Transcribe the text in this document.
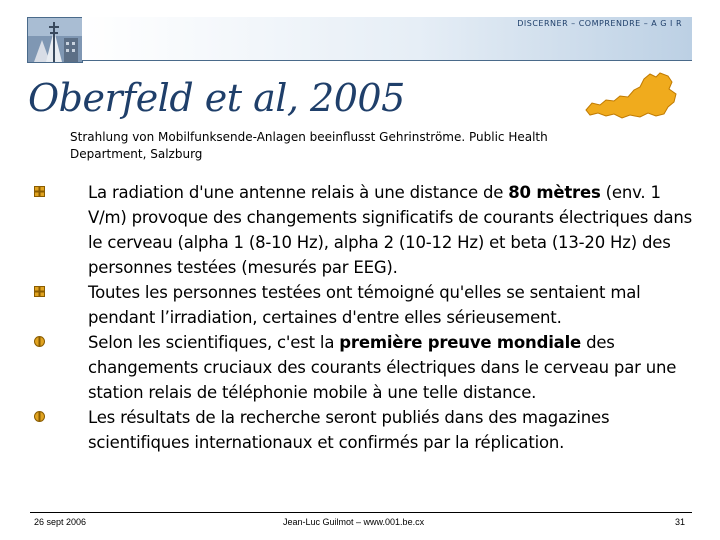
DISCERNER – COMPRENDRE – A G I R
Oberfeld et al, 2005
Strahlung von Mobilfunksende-Anlagen beeinflusst Gehrinströme. Public Health Department, Salzburg
La radiation d'une antenne relais à une distance de 80 mètres (env. 1 V/m) provoque des changements significatifs de courants électriques dans le cerveau (alpha 1 (8-10 Hz), alpha 2 (10-12 Hz) et beta (13-20 Hz) des personnes testées (mesurés par EEG).
Toutes les personnes testées ont témoigné qu'elles se sentaient mal pendant l’irradiation, certaines d'entre elles sérieusement.
Selon les scientifiques, c'est la première preuve mondiale des changements cruciaux des courants électriques dans le cerveau par une station relais de téléphonie mobile à une telle distance.
Les résultats de la recherche seront publiés dans des magazines scientifiques internationaux et confirmés par la réplication.
26 sept 2006	Jean-Luc Guilmot – www.001.be.cx	31
